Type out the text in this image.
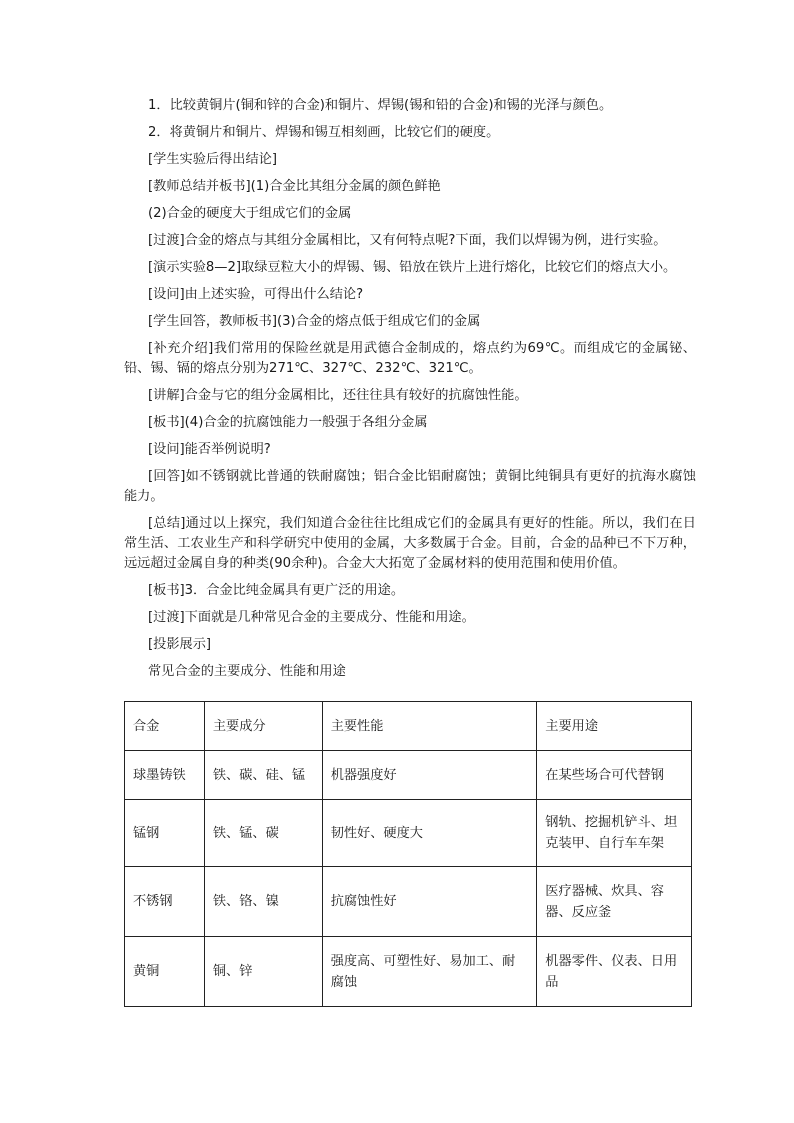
1．比较黄铜片(铜和锌的合金)和铜片、焊锡(锡和铅的合金)和锡的光泽与颜色。

2．将黄铜片和铜片、焊锡和锡互相刻画，比较它们的硬度。

[学生实验后得出结论]

[教师总结并板书](1)合金比其组分金属的颜色鲜艳

(2)合金的硬度大于组成它们的金属

[过渡]合金的熔点与其组分金属相比，又有何特点呢?下面，我们以焊锡为例，进行实验。

[演示实验8—2]取绿豆粒大小的焊锡、锡、铅放在铁片上进行熔化，比较它们的熔点大小。

[设问]由上述实验，可得出什么结论?

[学生回答，教师板书](3)合金的熔点低于组成它们的金属

[补充介绍]我们常用的保险丝就是用武德合金制成的，熔点约为69℃。而组成它的金属铋、铅、锡、镉的熔点分别为271℃、327℃、232℃、321℃。

[讲解]合金与它的组分金属相比，还往往具有较好的抗腐蚀性能。

[板书](4)合金的抗腐蚀能力一般强于各组分金属

[设问]能否举例说明?

[回答]如不锈钢就比普通的铁耐腐蚀；铝合金比铝耐腐蚀；黄铜比纯铜具有更好的抗海水腐蚀能力。

[总结]通过以上探究，我们知道合金往往比组成它们的金属具有更好的性能。所以，我们在日常生活、工农业生产和科学研究中使用的金属，大多数属于合金。目前，合金的品种已不下万种，远远超过金属自身的种类(90余种)。合金大大拓宽了金属材料的使用范围和使用价值。

[板书]3．合金比纯金属具有更广泛的用途。

[过渡]下面就是几种常见合金的主要成分、性能和用途。

[投影展示]

常见合金的主要成分、性能和用途

合金	主要成分	主要性能	主要用途
球墨铸铁	铁、碳、硅、锰	机器强度好	在某些场合可代替钢
锰钢	铁、锰、碳	韧性好、硬度大	钢轨、挖掘机铲斗、坦克装甲、自行车车架
不锈钢	铁、铬、镍	抗腐蚀性好	医疗器械、炊具、容器、反应釜
黄铜	铜、锌	强度高、可塑性好、易加工、耐腐蚀	机器零件、仪表、日用品
